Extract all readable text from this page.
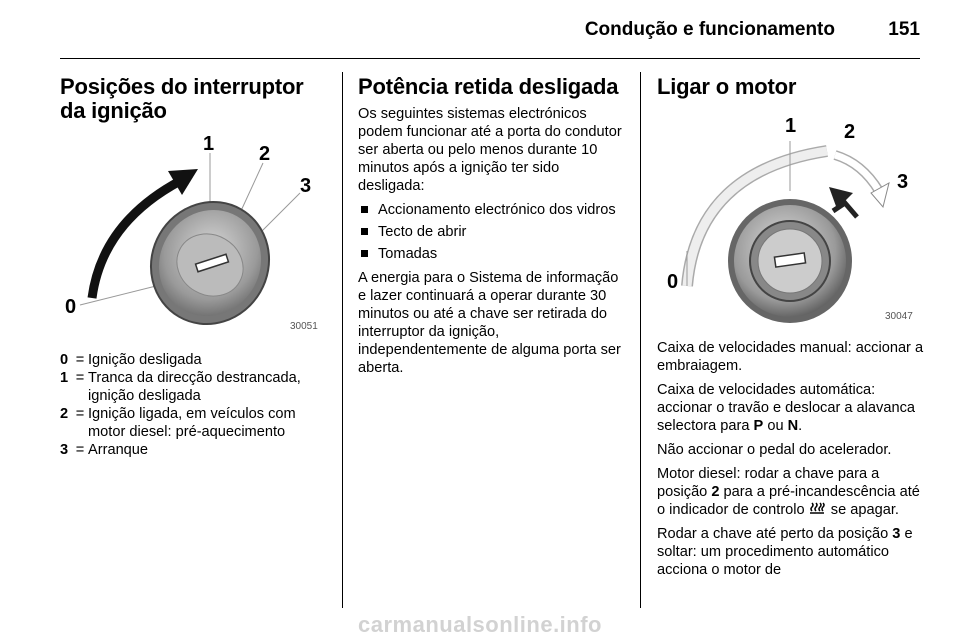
Condução e funcionamento	151
Posições do interruptor da ignição
0
1 2
3
30051
0	=	Ignição desligada
1	=	Tranca da direcção destrancada, ignição desligada
2	=	Ignição ligada, em veículos com motor diesel: pré-aquecimento
3	=	Arranque
Potência retida desligada

Os seguintes sistemas electrónicos podem funcionar até a porta do condutor ser aberta ou pelo menos durante 10 minutos após a ignição ter sido desligada:

Accionamento electrónico dos vidros
Tecto de abrir
Tomadas

A energia para o Sistema de informação e lazer continuará a operar durante 30 minutos ou até a chave ser retirada do interruptor da ignição, independentemente de alguma porta ser aberta.

Ligar o motor
0
1 2
3
30047

Caixa de velocidades manual: accionar a embraiagem.

Caixa de velocidades automática: accionar o travão e deslocar a alavanca selectora para P ou N.

Não accionar o pedal do acelerador.

Motor diesel: rodar a chave para a posição 2 para a pré-incandescência até o indicador de controlo  se apagar.

Rodar a chave até perto da posição 3 e soltar: um procedimento automático acciona o motor de

carmanualsonline.info
